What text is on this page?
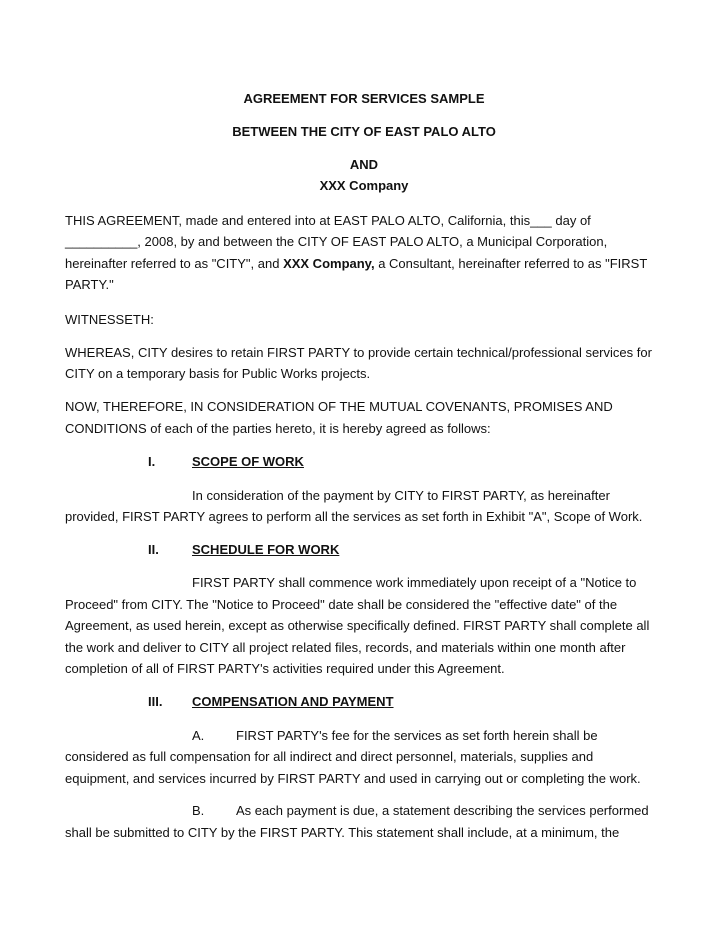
AGREEMENT FOR SERVICES SAMPLE
BETWEEN THE CITY OF EAST PALO ALTO
AND
XXX Company
THIS AGREEMENT, made and entered into at EAST PALO ALTO, California, this___ day of
__________, 2008, by and between the CITY OF EAST PALO ALTO, a Municipal Corporation,
hereinafter referred to as "CITY", and XXX Company, a Consultant, hereinafter referred to as "FIRST
PARTY."
WITNESSETH:
WHEREAS, CITY desires to retain FIRST PARTY to provide certain technical/professional services for
CITY on a temporary basis for Public Works projects.
NOW, THEREFORE, IN CONSIDERATION OF THE MUTUAL COVENANTS, PROMISES AND
CONDITIONS of each of the parties hereto, it is hereby agreed as follows:
I.	SCOPE OF WORK
In consideration of the payment by CITY to FIRST PARTY, as hereinafter
provided, FIRST PARTY agrees to perform all the services as set forth in Exhibit "A", Scope of Work.
II.	SCHEDULE FOR WORK
FIRST PARTY shall commence work immediately upon receipt of a "Notice to
Proceed" from CITY. The "Notice to Proceed" date shall be considered the "effective date" of the
Agreement, as used herein, except as otherwise specifically defined. FIRST PARTY shall complete all
the work and deliver to CITY all project related files, records, and materials within one month after
completion of all of FIRST PARTY's activities required under this Agreement.
III. COMPENSATION AND PAYMENT
A. FIRST PARTY's fee for the services as set forth herein shall be
considered as full compensation for all indirect and direct personnel, materials, supplies and
equipment, and services incurred by FIRST PARTY and used in carrying out or completing the work.
B. As each payment is due, a statement describing the services performed
shall be submitted to CITY by the FIRST PARTY. This statement shall include, at a minimum, the
